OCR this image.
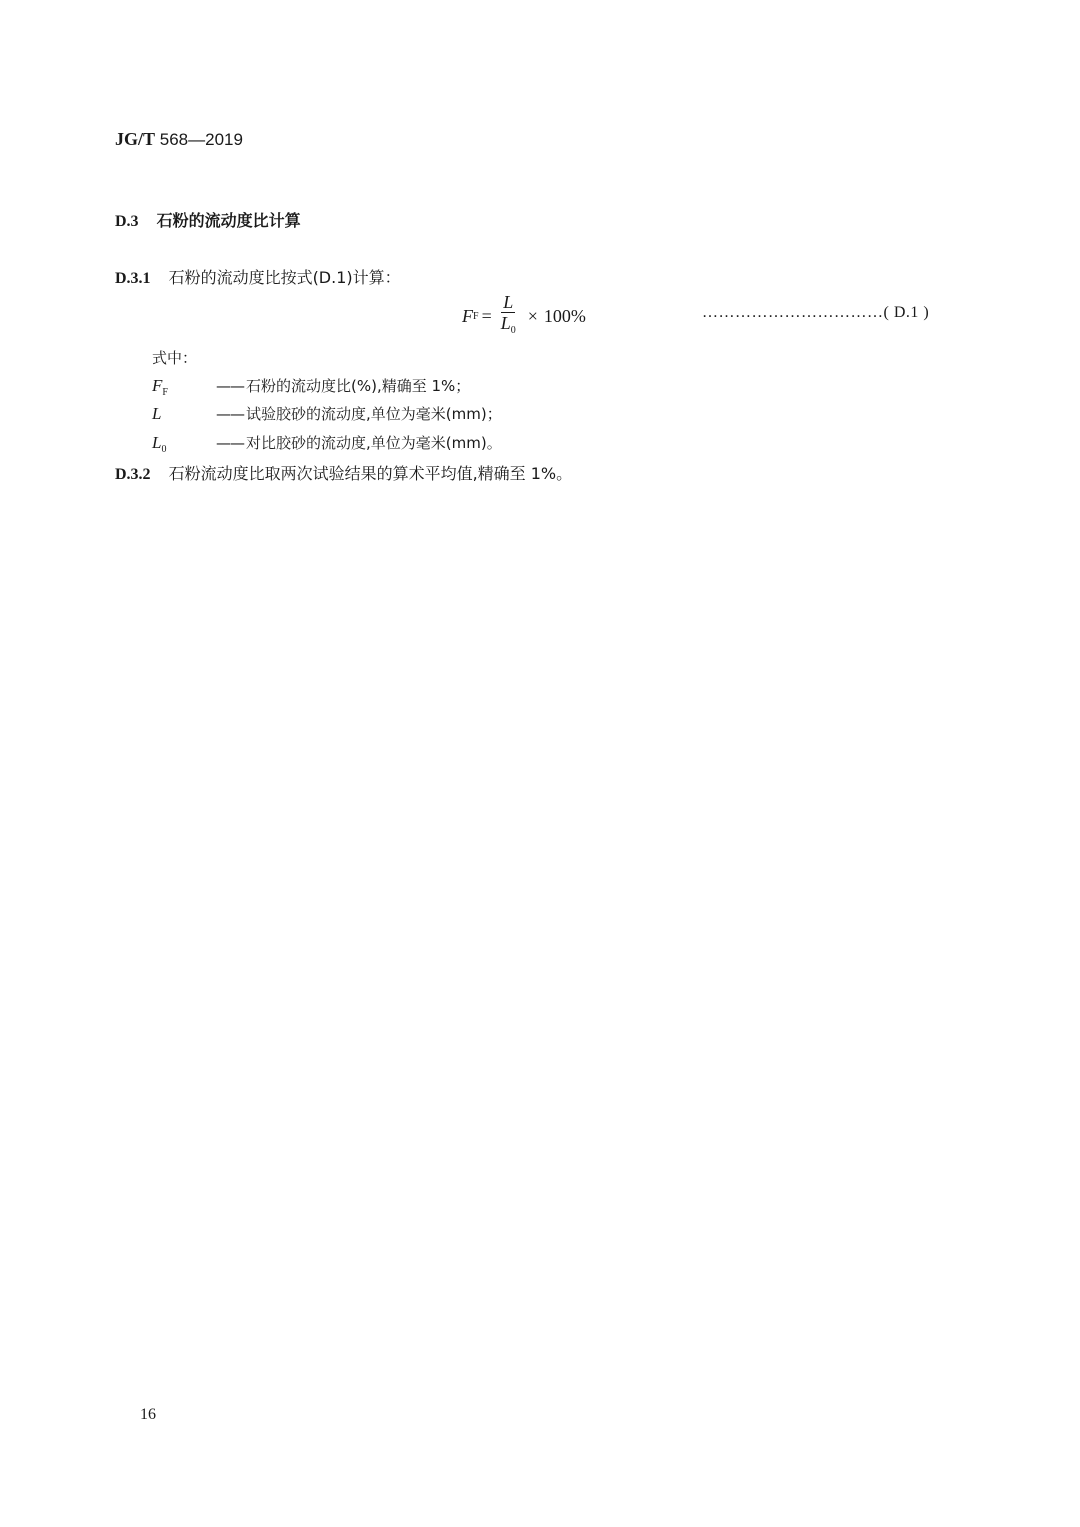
JG/T 568—2019
D.3 石粉的流动度比计算
D.3.1 石粉的流动度比按式(D.1)计算：
F $F = \frac{L}{L_0} \times 100\%$	……………………………( D.1 )
式中：
$F_F$	—— 石粉的流动度比(%),精确至 1%；
L	—— 试验胶砂的流动度,单位为毫米(mm)；
$L_0$	—— 对比胶砂的流动度,单位为毫米(mm)。
D.3.2 石粉流动度比取两次试验结果的算术平均值,精确至 1%。
16
